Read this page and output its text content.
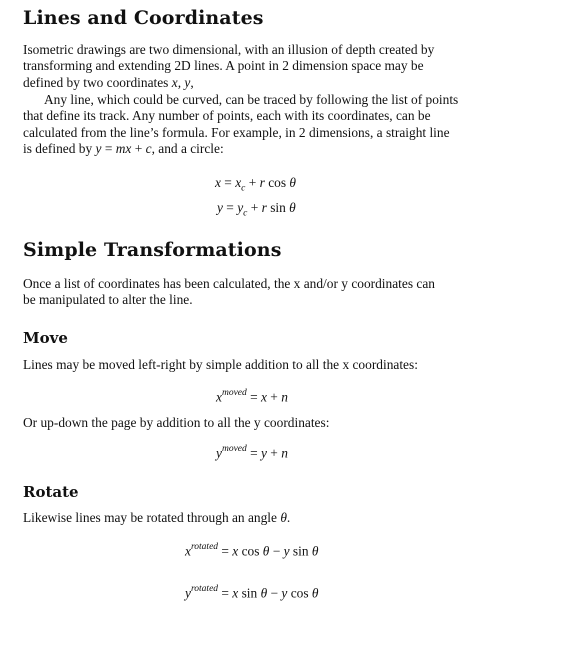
Lines and Coordinates
Isometric drawings are two dimensional, with an illusion of depth created by
transforming and extending 2D lines. A point in 2 dimension space may be
defined by two coordinates x, y,
Any line, which could be curved, can be traced by following the list of points
that define its track. Any number of points, each with its coordinates, can be
calculated from the line’s formula. For example, in 2 dimensions, a straight line
is defined by y = mx + c, and a circle:
$x = x_c + r$ cos θ
$y = y_c + r$ sin θ
Simple Transformations
Once a list of coordinates has been calculated, the x and/or y coordinates can
be manipulated to alter the line.
Move
Lines may be moved left-right by simple addition to all the x coordinates:
$x^{moved} = x + n$
Or up-down the page by addition to all the y coordinates:
$y^{moved} = y + n$
Rotate
Likewise lines may be rotated through an angle θ.
$x^{rotated} = x$ cos θ − y sin θ
$y^{rotated} = x$ sin θ − y cos θ
